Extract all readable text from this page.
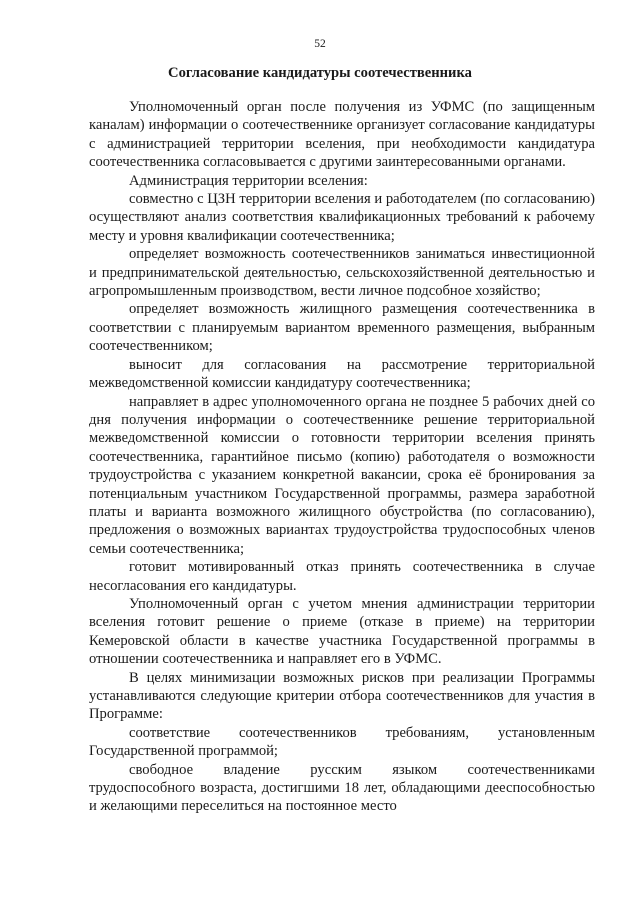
52
Согласование кандидатуры соотечественника

Уполномоченный орган после получения из УФМС (по защищенным каналам) информации о соотечественнике организует согласование кандидатуры с администрацией территории вселения, при необходимости кандидатура соотечественника согласовывается с другими заинтересованными органами.

Администрация территории вселения:

совместно с ЦЗН территории вселения и работодателем (по согласованию) осуществляют анализ соответствия квалификационных требований к рабочему месту и уровня квалификации соотечественника;

определяет возможность соотечественников заниматься инвестиционной и предпринимательской деятельностью, сельскохозяйственной деятельностью и агропромышленным производством, вести личное подсобное хозяйство;

определяет возможность жилищного размещения соотечественника в соответствии с планируемым вариантом временного размещения, выбранным соотечественником;

выносит для согласования на рассмотрение территориальной межведомственной комиссии кандидатуру соотечественника;

направляет в адрес уполномоченного органа не позднее 5 рабочих дней со дня получения информации о соотечественнике решение территориальной межведомственной комиссии о готовности территории вселения принять соотечественника, гарантийное письмо (копию) работодателя о возможности трудоустройства с указанием конкретной вакансии, срока её бронирования за потенциальным участником Государственной программы, размера заработной платы и варианта возможного жилищного обустройства (по согласованию), предложения о возможных вариантах трудоустройства трудоспособных членов семьи соотечественника;

готовит мотивированный отказ принять соотечественника в случае несогласования его кандидатуры.

Уполномоченный орган с учетом мнения администрации территории вселения готовит решение о приеме (отказе в приеме) на территории Кемеровской области в качестве участника Государственной программы в отношении соотечественника и направляет его в УФМС.

В целях минимизации возможных рисков при реализации Программы устанавливаются следующие критерии отбора соотечественников для участия в Программе:

соответствие соотечественников требованиям, установленным Государственной программой;

свободное владение русским языком соотечественниками трудоспособного возраста, достигшими 18 лет, обладающими дееспособностью и желающими переселиться на постоянное место
